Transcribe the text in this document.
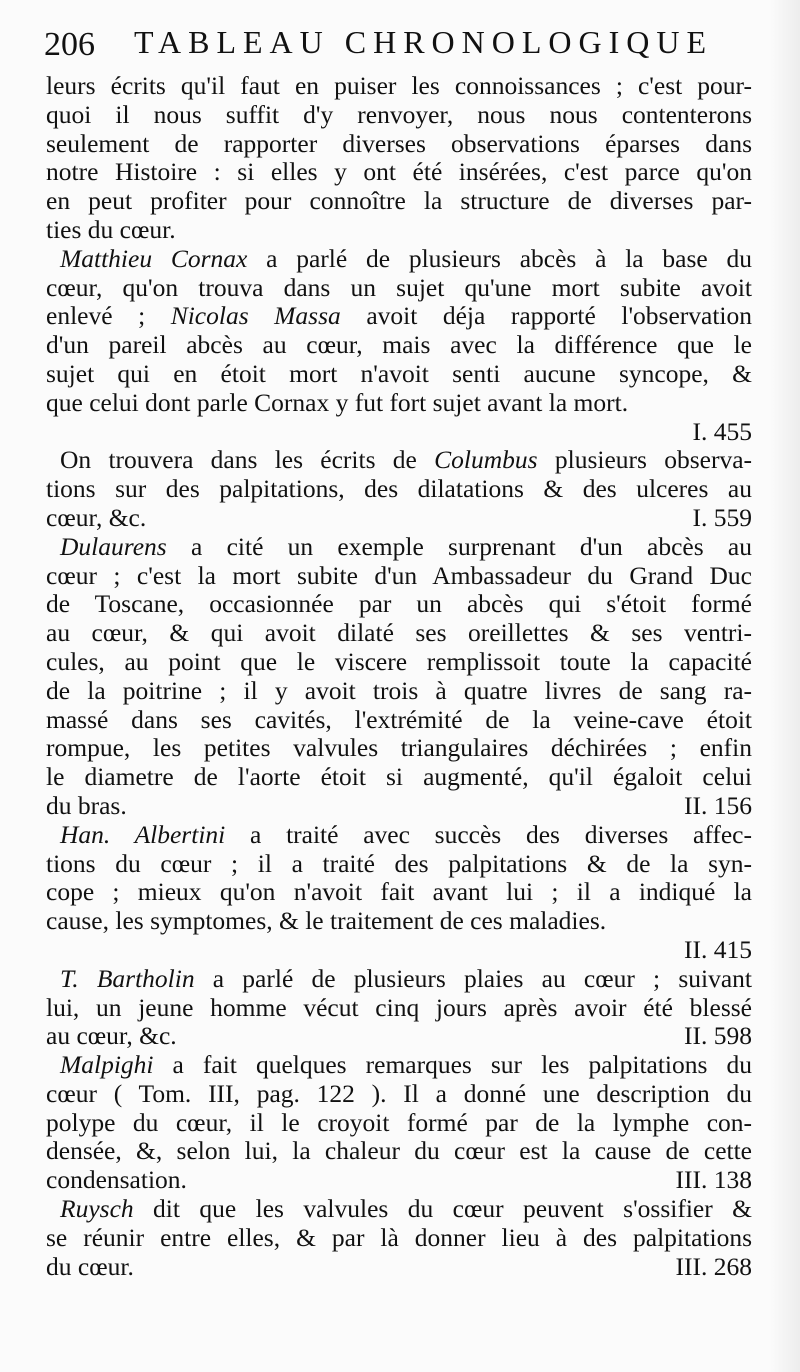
206 TABLEAU CHRONOLOGIQUE
leurs écrits qu'il faut en puiser les connoissances ; c'est pour-
quoi il nous suffit d'y renvoyer, nous nous contenterons
seulement de rapporter diverses observations éparses dans
notre Histoire : si elles y ont été insérées, c'est parce qu'on
en peut profiter pour connoître la structure de diverses par-
ties du cœur.
Matthieu Cornax a parlé de plusieurs abcès à la base du
cœur, qu'on trouva dans un sujet qu'une mort subite avoit
enlevé ; Nicolas Massa avoit déja rapporté l'observation
d'un pareil abcès au cœur, mais avec la différence que le
sujet qui en étoit mort n'avoit senti aucune syncope, &
que celui dont parle Cornax y fut fort sujet avant la mort.
I. 455
On trouvera dans les écrits de Columbus plusieurs observa-
tions sur des palpitations, des dilatations & des ulceres au
cœur, &c.	I. 559
Dulaurens a cité un exemple surprenant d'un abcès au
cœur ; c'est la mort subite d'un Ambassadeur du Grand Duc
de Toscane, occasionnée par un abcès qui s'étoit formé
au cœur, & qui avoit dilaté ses oreillettes & ses ventri-
cules, au point que le viscere remplissoit toute la capacité
de la poitrine ; il y avoit trois à quatre livres de sang ra-
massé dans ses cavités, l'extrémité de la veine-cave étoit
rompue, les petites valvules triangulaires déchirées ; enfin
le diametre de l'aorte étoit si augmenté, qu'il égaloit celui
du bras.	II. 156
Han. Albertini a traité avec succès des diverses affec-
tions du cœur ; il a traité des palpitations & de la syn-
cope ; mieux qu'on n'avoit fait avant lui ; il a indiqué la
cause, les symptomes, & le traitement de ces maladies.
II. 415
T. Bartholin a parlé de plusieurs plaies au cœur ; suivant
lui, un jeune homme vécut cinq jours après avoir été blessé
au cœur, &c.	II. 598
Malpighi a fait quelques remarques sur les palpitations du
cœur ( Tom. III, pag. 122 ). Il a donné une description du
polype du cœur, il le croyoit formé par de la lymphe con-
densée, &, selon lui, la chaleur du cœur est la cause de cette
condensation.	III. 138
Ruysch dit que les valvules du cœur peuvent s'ossifier &
se réunir entre elles, & par là donner lieu à des palpitations
du cœur.	III. 268
